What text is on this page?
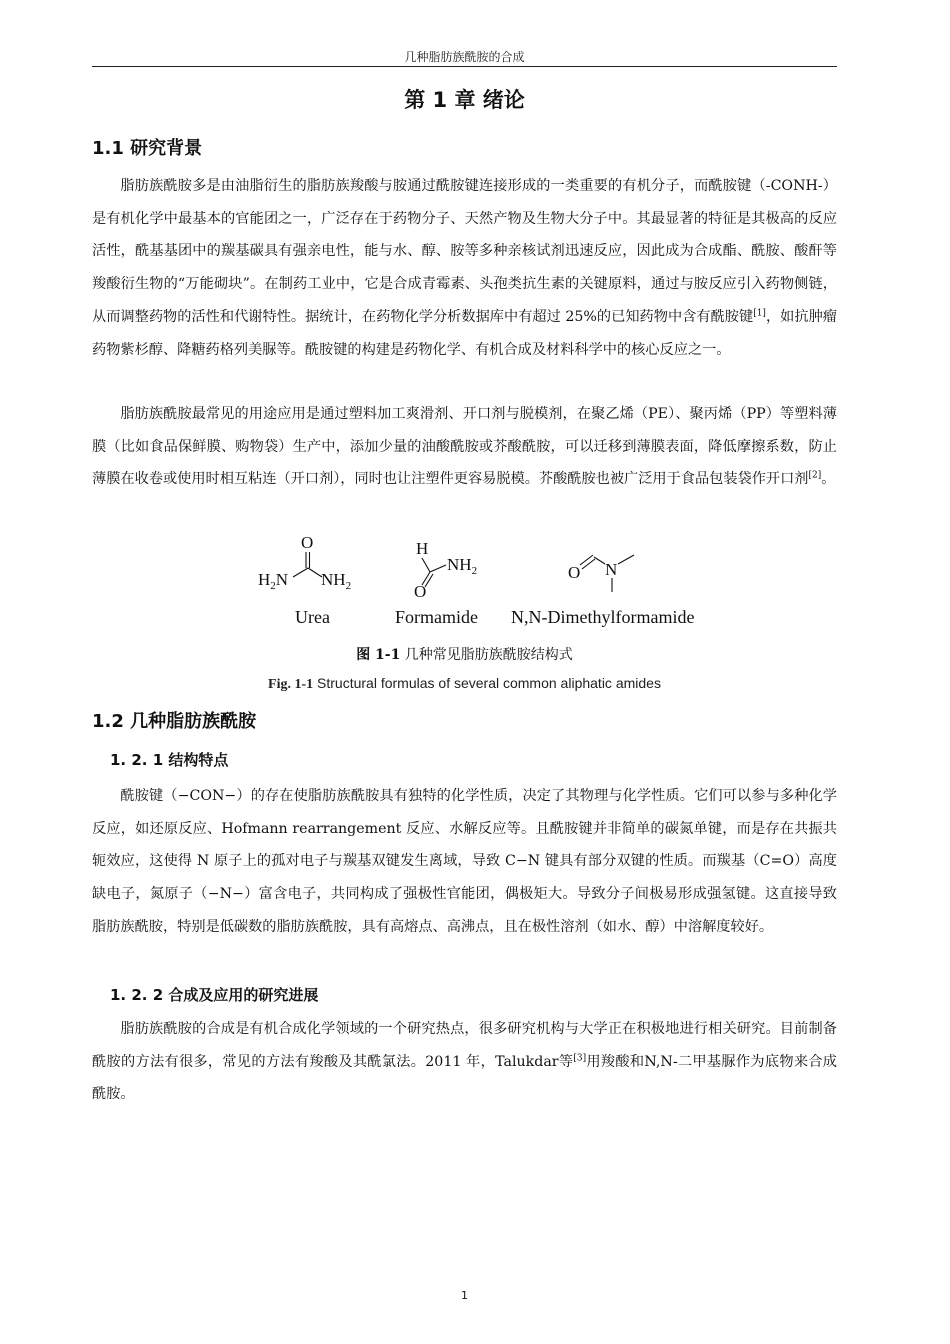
几种脂肪族酰胺的合成
第 1 章 绪论
1.1 研究背景
脂肪族酰胺多是由油脂衍生的脂肪族羧酸与胺通过酰胺键连接形成的一类重要的有机分子，而酰胺键（-CONH-）是有机化学中最基本的官能团之一，广泛存在于药物分子、天然产物及生物大分子中。其最显著的特征是其极高的反应活性，酰基基团中的羰基碳具有强亲电性，能与水、醇、胺等多种亲核试剂迅速反应，因此成为合成酯、酰胺、酸酐等羧酸衍生物的“万能砌块”。在制药工业中，它是合成青霉素、头孢类抗生素的关键原料，通过与胺反应引入药物侧链，从而调整药物的活性和代谢特性。据统计，在药物化学分析数据库中有超过 25%的已知药物中含有酰胺键[1]，如抗肿瘤药物紫杉醇、降糖药格列美脲等。酰胺键的构建是药物化学、有机合成及材料科学中的核心反应之一。
脂肪族酰胺最常见的用途应用是通过塑料加工爽滑剂、开口剂与脱模剂，在聚乙烯（PE）、聚丙烯（PP）等塑料薄膜（比如食品保鲜膜、购物袋）生产中，添加少量的油酸酰胺或芥酸酰胺，可以迁移到薄膜表面，降低摩擦系数，防止薄膜在收卷或使用时相互粘连（开口剂），同时也让注塑件更容易脱模。芥酸酰胺也被广泛用于食品包装袋作开口剂[2]。
O
$H_2N$ $NH_2$
H
$NH_2$
O
O N
Urea	Formamide N,N-Dimethylformamide
图 1-1 几种常见脂肪族酰胺结构式
Fig. 1-1 Structural formulas of several common aliphatic amides
1.2 几种脂肪族酰胺
1. 2. 1 结构特点
酰胺键（−CON−）的存在使脂肪族酰胺具有独特的化学性质，决定了其物理与化学性质。它们可以参与多种化学反应，如还原反应、Hofmann rearrangement 反应、水解反应等。且酰胺键并非简单的碳氮单键，而是存在共振共轭效应，这使得 N 原子上的孤对电子与羰基双键发生离域，导致 C−N 键具有部分双键的性质。而羰基（C=O）高度缺电子，氮原子（−N−）富含电子，共同构成了强极性官能团，偶极矩大。导致分子间极易形成强氢键。这直接导致脂肪族酰胺，特别是低碳数的脂肪族酰胺，具有高熔点、高沸点，且在极性溶剂（如水、醇）中溶解度较好。
1. 2. 2 合成及应用的研究进展
脂肪族酰胺的合成是有机合成化学领域的一个研究热点，很多研究机构与大学正在积极地进行相关研究。目前制备酰胺的方法有很多，常见的方法有羧酸及其酰氯法。2011 年，Talukdar等[3]用羧酸和N,N-二甲基脲作为底物来合成酰胺。
1
